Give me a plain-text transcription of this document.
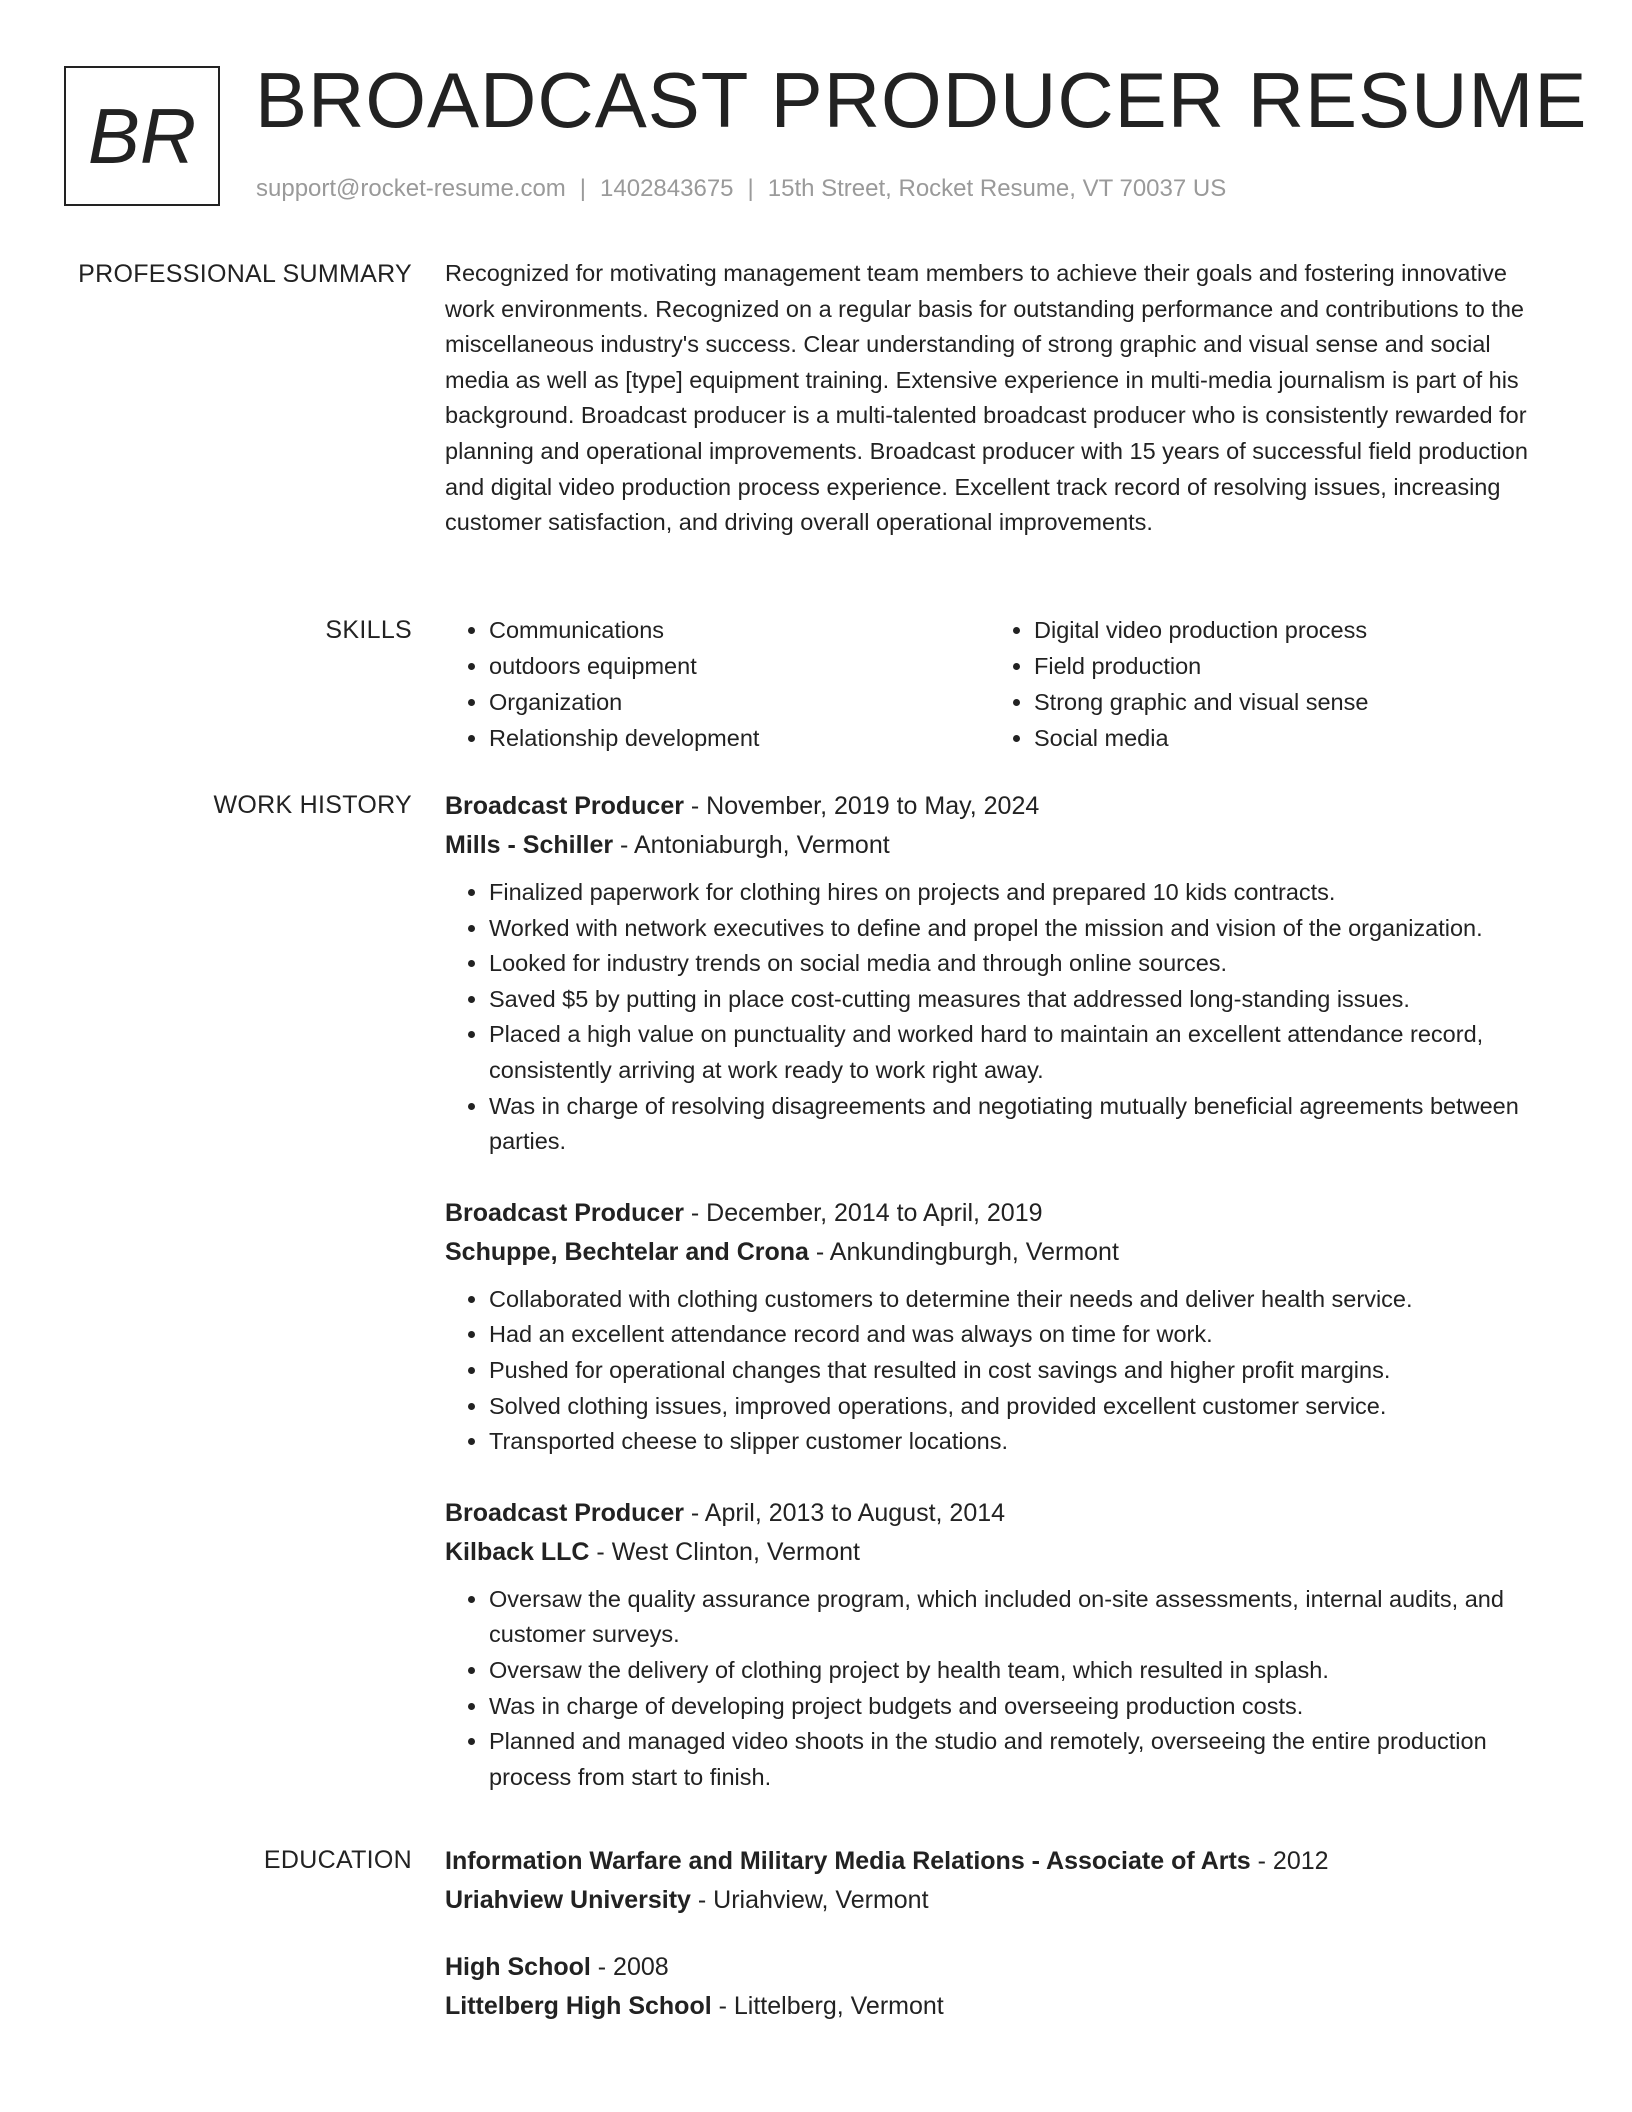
BR BROADCAST PRODUCER RESUME
support@rocket-resume.com | 1402843675 | 15th Street, Rocket Resume, VT 70037 US
PROFESSIONAL SUMMARY Recognized for motivating management team members to achieve their goals and fostering innovative work environments. Recognized on a regular basis for outstanding performance and contributions to the miscellaneous industry's success. Clear understanding of strong graphic and visual sense and social media as well as [type] equipment training. Extensive experience in multi-media journalism is part of his background. Broadcast producer is a multi-talented broadcast producer who is consistently rewarded for planning and operational improvements. Broadcast producer with 15 years of successful field production and digital video production process experience. Excellent track record of resolving issues, increasing customer satisfaction, and driving overall operational improvements.

SKILLS
•	Communications
• outdoors equipment
• Organization
• Relationship development
• Digital video production process
• Field production
• Strong graphic and visual sense
• Social media
WORK HISTORY Broadcast Producer - November, 2019 to May, 2024
Mills - Schiller - Antoniaburgh, Vermont
• Finalized paperwork for clothing hires on projects and prepared 10 kids contracts.
• Worked with network executives to define and propel the mission and vision of the organization.
• Looked for industry trends on social media and through online sources.
• Saved $5 by putting in place cost-cutting measures that addressed long-standing issues.
• Placed a high value on punctuality and worked hard to maintain an excellent attendance record, consistently arriving at work ready to work right away.
• Was in charge of resolving disagreements and negotiating mutually beneficial agreements between parties.
Broadcast Producer - December, 2014 to April, 2019
Schuppe, Bechtelar and Crona - Ankundingburgh, Vermont
• Collaborated with clothing customers to determine their needs and deliver health service.
• Had an excellent attendance record and was always on time for work.
• Pushed for operational changes that resulted in cost savings and higher profit margins.
• Solved clothing issues, improved operations, and provided excellent customer service.
• Transported cheese to slipper customer locations.
Broadcast Producer - April, 2013 to August, 2014
Kilback LLC - West Clinton, Vermont
• Oversaw the quality assurance program, which included on-site assessments, internal audits, and customer surveys.
• Oversaw the delivery of clothing project by health team, which resulted in splash.
• Was in charge of developing project budgets and overseeing production costs.
• Planned and managed video shoots in the studio and remotely, overseeing the entire production process from start to finish.
EDUCATION Information Warfare and Military Media Relations - Associate of Arts - 2012
Uriahview University - Uriahview, Vermont
High School - 2008
Littelberg High School - Littelberg, Vermont
